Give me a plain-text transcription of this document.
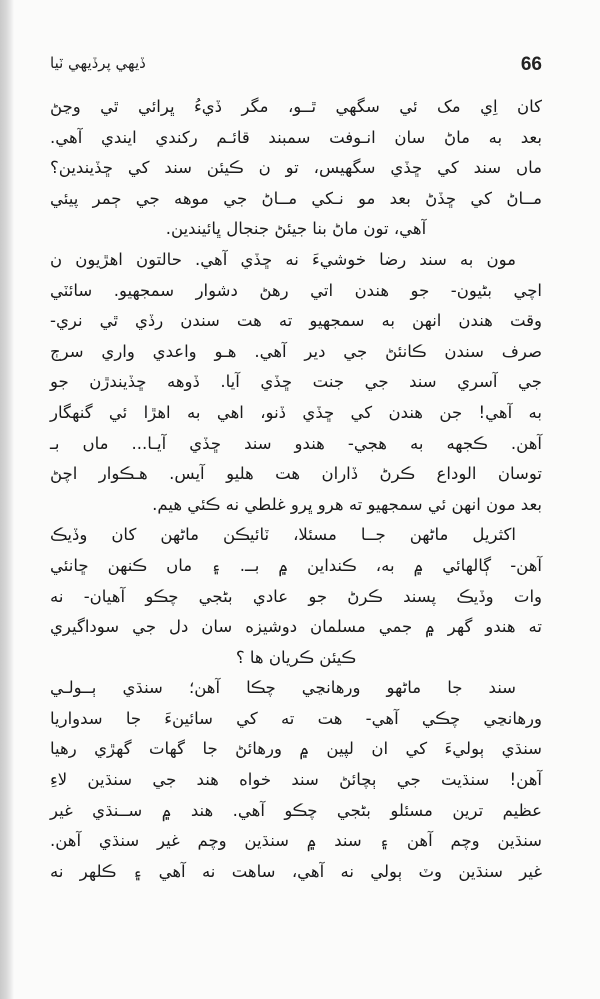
66
ڏيهي پرڏيهي ٽيا
کان اِي مک ئي سگهي ٿــو، مگر ڏيءُ ڀرائي ٿي وڃڻ
بعد به ماڻ سان انـوفت سمبند قائـم رکندي ايندي آهي.
ماں سند کي ڇڏي سگهيس، تو ن ڪيئن سند کي ڇڏيندين؟
مــاڻ کي ڇڏڻ بعد مو نـکي مــاڻ جي موهه جي ڄمر پيئي
آهي، تون ماڻ بنا جيئڻ جنجال ڀائيندين.
مون به سند رضا خوشيءَ نه ڇڏي آهي. حالتون اهڙيون ن
اچي بڻيون- جو هندن اتي رهڻ دشوار سمجهيو. سائٽي
وقت هندن انهن به سمجهيو ته هت سندن رڏي ٿي نري-
صرف سندن ڪانئڻ جي دير آهي. هـو واعدي واري سرڄ
جي آسري سند جي جنت ڇڏي آيا. ڏوهه ڇڏيندڙن جو
به آهي! جن هندن کي ڇڏي ڏنو، اهي به اهڙا ئي گنهگار
آهن. ڪجهه به هجي- هندو سند ڇڏي آيـا... ماں بـ
توسان الوداع ڪرڻ ڏاران هت هليو آيس. هـڪوار اچڻ
بعد مون انهن ئي سمجهيو ته هرو ڀرو غلطي نه ڪئي هيم.
اکثريل ماڻهن جــا مسئلا، ٽائيڪن ماڻهن کان وڏيڪ
آهن- ڳالهائي ۾ به، ڪنداين ۾ بــ. ۽ ماں ڪنهن ڇانئي
وات وڏيڪ پسند ڪرڻ جو عادي بڻجي چڪو آهيان- نه
ته هندو گهر ۾ جمي مسلمان دوشيزه سان دل جي سوداگيري
ڪيئن ڪريان ها ؟
سند جا ماڻهو ورهانڃي چڪا آهن؛ سنڌي ٻــولـي
ورهانڃي چڪي آهي- هت ته کي سائينءَ جا سدواريا
سنڌي ٻوليءَ کي ان لپين ۾ ورهائڻ جا گهات گهڙي رهيا
آهن! سنڌيت جي ٻچائڻ سند خواه هند جي سنڌين لاءِ
عظيم ترين مسئلو بڻجي چڪو آهي. هند ۾ ســنڌي غير
سنڌين وچم آهن ۽ سند ۾ سنڌين وچم غير سنڌي آهن.
غير سنڌين وٽ ٻولي نه آهي، ساهت نه آهي ۽ ڪلهر نه
